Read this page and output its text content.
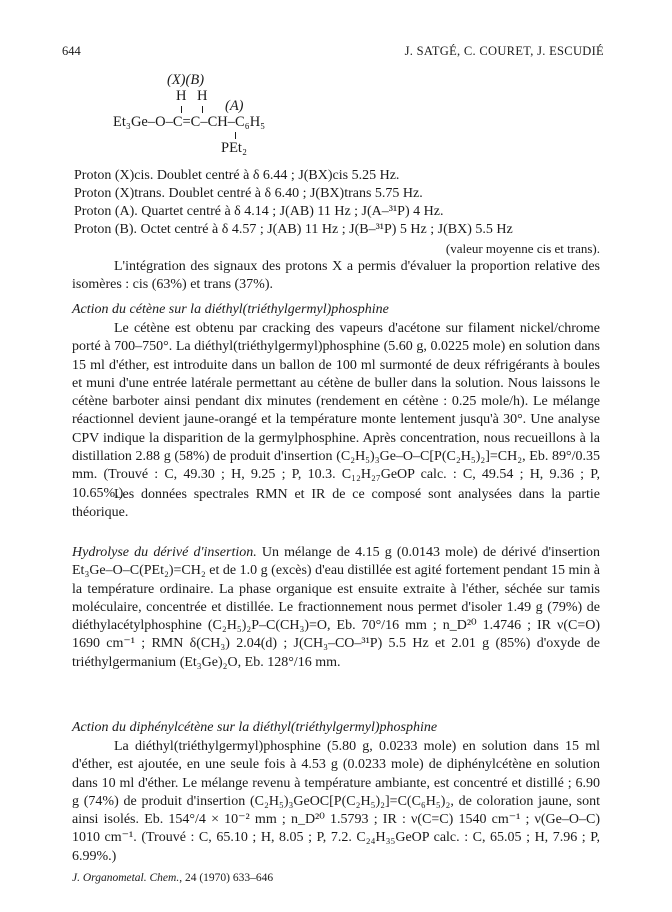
644	J. SATGÉ, C. COURET, J. ESCUDIÉ
(X)(B)
H H
(A)
Et₃Ge–O–C=C–CH–C₆H₅
PEt₂
Proton (X)cis. Doublet centré à δ 6.44 ; J(BX)cis 5.25 Hz.
Proton (X)trans. Doublet centré à δ 6.40 ; J(BX)trans 5.75 Hz.
Proton (A). Quartet centré à δ 4.14 ; J(AB) 11 Hz ; J(A–³¹P) 4 Hz.
Proton (B). Octet centré à δ 4.57 ; J(AB) 11 Hz ; J(B–³¹P) 5 Hz ; J(BX) 5.5 Hz
(valeur moyenne cis et trans).
L'intégration des signaux des protons X a permis d'évaluer la proportion relative des isomères : cis (63%) et trans (37%).
Action du cétène sur la diéthyl(triéthylgermyl)phosphine
Le cétène est obtenu par cracking des vapeurs d'acétone sur filament nickel/chrome porté à 700–750°. La diéthyl(triéthylgermyl)phosphine (5.60 g, 0.0225 mole) en solution dans 15 ml d'éther, est introduite dans un ballon de 100 ml surmonté de deux réfrigérants à boules et muni d'une entrée latérale permettant au cétène de buller dans la solution. Nous laissons le cétène barboter ainsi pendant dix minutes (rendement en cétène : 0.25 mole/h). Le mélange réactionnel devient jaune-orangé et la température monte lentement jusqu'à 30°. Une analyse CPV indique la disparition de la germylphosphine. Après concentration, nous recueillons à la distillation 2.88 g (58%) de produit d'insertion (C₂H₅)₃Ge–O–C[P(C₂H₅)₂]=CH₂, Eb. 89°/0.35 mm. (Trouvé : C, 49.30 ; H, 9.25 ; P, 10.3. C₁₂H₂₇GeOP calc. : C, 49.54 ; H, 9.36 ; P, 10.65%.)
Les données spectrales RMN et IR de ce composé sont analysées dans la partie théorique.
Hydrolyse du dérivé d'insertion. Un mélange de 4.15 g (0.0143 mole) de dérivé d'insertion Et₃Ge–O–C(PEt₂)=CH₂ et de 1.0 g (excès) d'eau distillée est agité fortement pendant 15 min à la température ordinaire. La phase organique est ensuite extraite à l'éther, séchée sur tamis moléculaire, concentrée et distillée. Le fractionnement nous permet d'isoler 1.49 g (79%) de diéthylacétylphosphine (C₂H₅)₂P–C(CH₃)=O, Eb. 70°/16 mm ; n_D²⁰ 1.4746 ; IR ν(C=O) 1690 cm⁻¹ ; RMN δ(CH₃) 2.04(d) ; J(CH₃–CO–³¹P) 5.5 Hz et 2.01 g (85%) d'oxyde de triéthylgermanium (Et₃Ge)₂O, Eb. 128°/16 mm.
Action du diphénylcétène sur la diéthyl(triéthylgermyl)phosphine
La diéthyl(triéthylgermyl)phosphine (5.80 g, 0.0233 mole) en solution dans 15 ml d'éther, est ajoutée, en une seule fois à 4.53 g (0.0233 mole) de diphénylcétène en solution dans 10 ml d'éther. Le mélange revenu à température ambiante, est concentré et distillé ; 6.90 g (74%) de produit d'insertion (C₂H₅)₃GeOC[P(C₂H₅)₂]=C(C₆H₅)₂, de coloration jaune, sont ainsi isolés. Eb. 154°/4 × 10⁻² mm ; n_D²⁰ 1.5793 ; IR : ν(C=C) 1540 cm⁻¹ ; ν(Ge–O–C) 1010 cm⁻¹. (Trouvé : C, 65.10 ; H, 8.05 ; P, 7.2. C₂₄H₃₅GeOP calc. : C, 65.05 ; H, 7.96 ; P, 6.99%.)
J. Organometal. Chem., 24 (1970) 633–646
